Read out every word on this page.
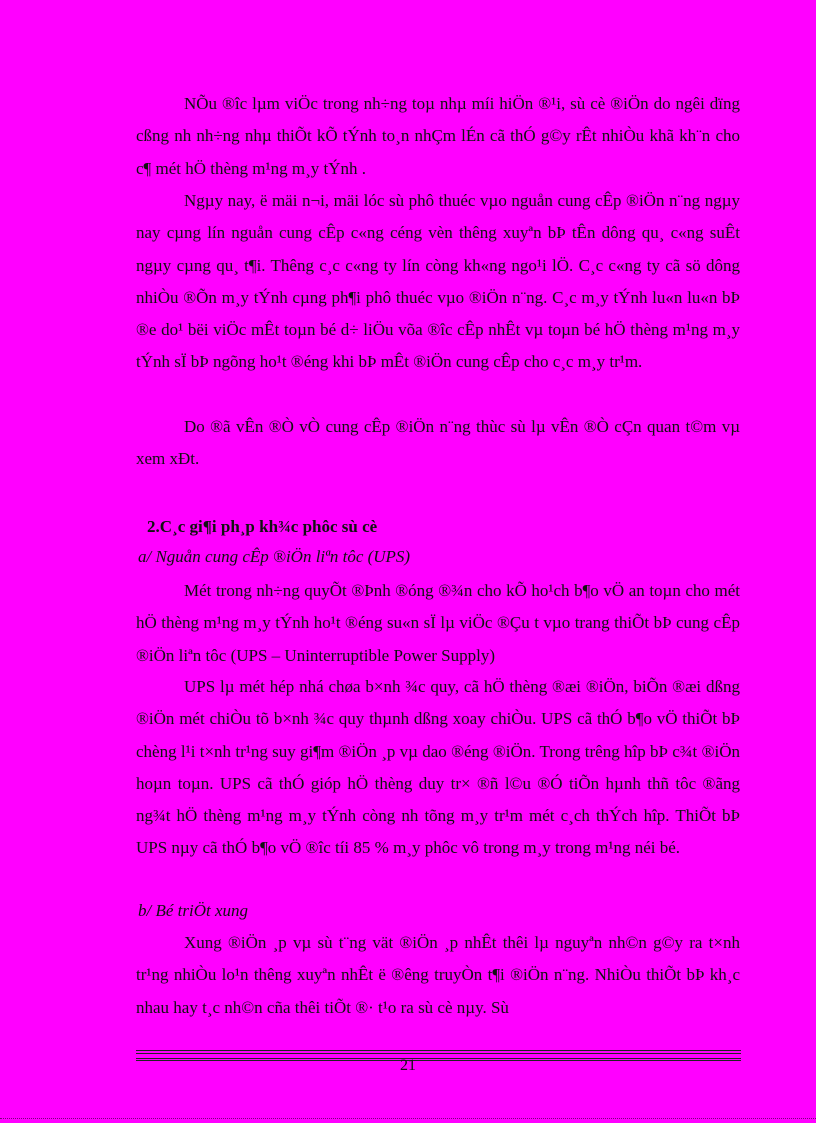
NÕu ®îc lµm viÖc trong nh÷ng toµ nhµ míi hiÖn ®¹i, sù cè ®iÖn do ngêi dïng cßng nh nh÷ng nhµ thiÕt kÕ tÝnh to¸n nhÇm lÉn cã thÓ g©y rÊt nhiÒu khã kh¨n cho c¶ mét hÖ thèng m¹ng m¸y tÝnh .

Ngµy nay, ë mäi n¬i, mäi lóc sù phô thuéc vµo nguån cung cÊp ®iÖn n¨ng ngµy nay cµng lín nguån cung cÊp c«ng céng vèn thêng xuyªn bÞ tÊn dông qu¸ c«ng suÊt ngµy cµng qu¸ t¶i. Thêng c¸c c«ng ty lín còng kh«ng ngo¹i lÖ. C¸c c«ng ty cã sö dông nhiÒu ®Õn m¸y tÝnh cµng ph¶i phô thuéc vµo ®iÖn n¨ng. C¸c m¸y tÝnh lu«n lu«n bÞ ®e do¹ bëi viÖc mÊt toµn bé d÷ liÖu võa ®îc cÊp nhÊt vµ toµn bé hÖ thèng m¹ng m¸y tÝnh sÏ bÞ ngõng ho¹t ®éng khi bÞ mÊt ®iÖn cung cÊp cho c¸c m¸y tr¹m.

Do ®ã vÊn ®Ò vÒ cung cÊp ®iÖn n¨ng thùc sù lµ vÊn ®Ò cÇn quan t©m vµ xem xÐt.

2.C¸c gi¶i ph¸p kh¾c phôc sù cè

a/ Nguån cung cÊp ®iÖn liªn tôc (UPS)

Mét trong nh÷ng quyÕt ®Þnh ®óng ®¾n cho kÕ ho¹ch b¶o vÖ an toµn cho mét hÖ thèng m¹ng m¸y tÝnh ho¹t ®éng su«n sÏ lµ viÖc ®Çu t vµo trang thiÕt bÞ cung cÊp ®iÖn liªn tôc (UPS – Uninterruptible Power Supply)

UPS lµ mét hép nhá chøa b×nh ¾c quy, cã hÖ thèng ®æi ®iÖn, biÕn ®æi dßng ®iÖn mét chiÒu tõ b×nh ¾c quy thµnh dßng xoay chiÒu. UPS cã thÓ b¶o vÖ thiÕt bÞ chèng l¹i t×nh tr¹ng suy gi¶m ®iÖn ¸p vµ dao ®éng ®iÖn. Trong trêng hîp bÞ c¾t ®iÖn hoµn toµn. UPS cã thÓ gióp hÖ thèng duy tr× ®ñ l©u ®Ó tiÕn hµnh thñ tôc ®ãng ng¾t hÖ thèng m¹ng m¸y tÝnh còng nh tõng m¸y tr¹m mét c¸ch thÝch hîp. ThiÕt bÞ UPS nµy cã thÓ b¶o vÖ ®îc tíi 85 % m¸y phôc vô trong m¸y trong m¹ng néi bé.

b/ Bé triÖt xung

Xung ®iÖn ¸p vµ sù t¨ng vät ®iÖn ¸p nhÊt thêi lµ nguyªn nh©n g©y ra t×nh tr¹ng nhiÒu lo¹n thêng xuyªn nhÊt ë ®êng truyÒn t¶i ®iÖn n¨ng. NhiÒu thiÕt bÞ kh¸c nhau hay t¸c nh©n cña thêi tiÕt ®· t¹o ra sù cè nµy. Sù

21
